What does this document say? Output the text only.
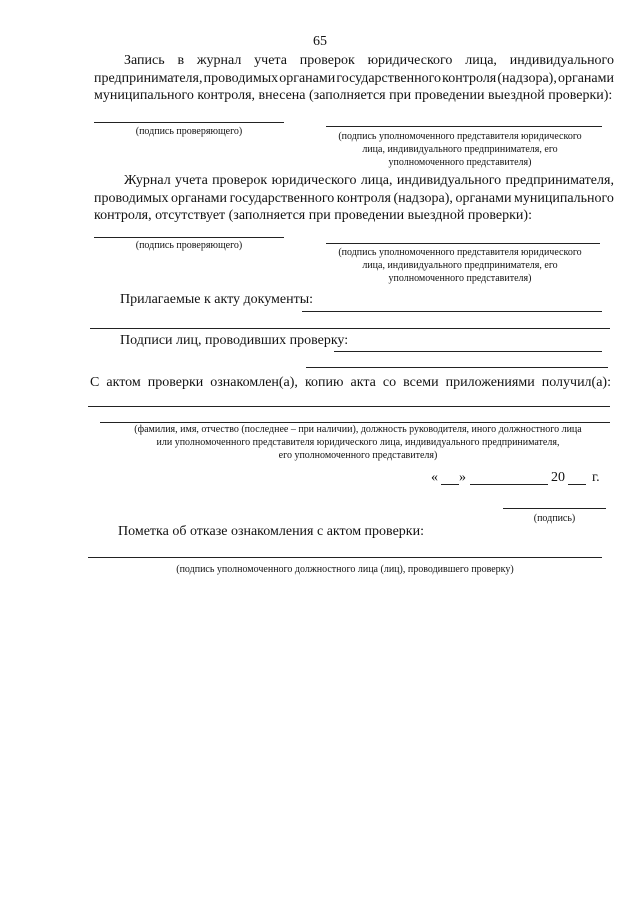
65
Запись в журнал учета проверок юридического лица, индивидуального
предпринимателя, проводимых органами государственного контроля (надзора), органами
муниципального контроля, внесена (заполняется при проведении выездной проверки):
(подпись проверяющего)	(подпись уполномоченного представителя юридического
лица, индивидуального предпринимателя, его
уполномоченного представителя)
Журнал учета проверок юридического лица, индивидуального предпринимателя,
проводимых органами государственного контроля (надзора), органами муниципального
контроля, отсутствует (заполняется при проведении выездной проверки):
(подпись проверяющего)
(подпись уполномоченного представителя юридического
лица, индивидуального предпринимателя, его
уполномоченного представителя)
Прилагаемые к акту документы:
Подписи лиц, проводивших проверку:
С актом проверки ознакомлен(а), копию акта со всеми приложениями получил(а):
(фамилия, имя, отчество (последнее – при наличии), должность руководителя, иного должностного лица
или уполномоченного представителя юридического лица, индивидуального предпринимателя,
его уполномоченного представителя)
« »	20 г.
(подпись)
Пометка об отказе ознакомления с актом проверки:
(подпись уполномоченного должностного лица (лиц), проводившего проверку)
